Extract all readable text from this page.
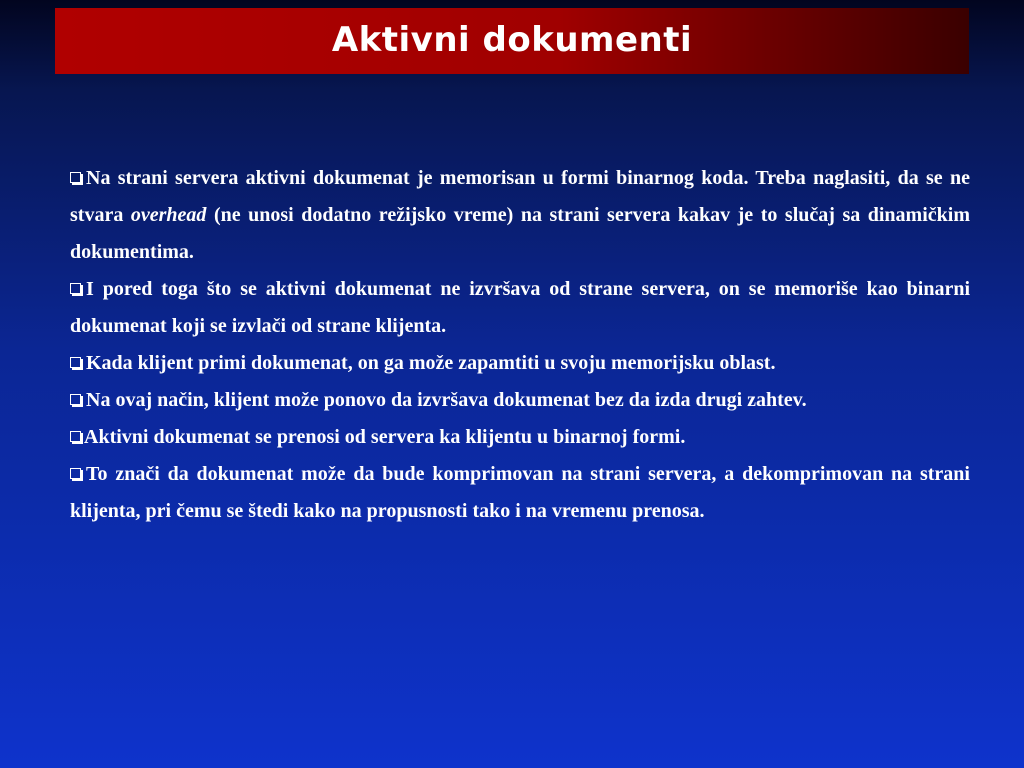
Aktivni dokumenti

Na strani servera aktivni dokumenat je memorisan u formi binarnog koda. Treba naglasiti, da se ne stvara overhead (ne unosi dodatno režijsko vreme) na strani servera kakav je to slučaj sa dinamičkim dokumentima.

I pored toga što se aktivni dokumenat ne izvršava od strane servera, on se memoriše kao binarni dokumenat koji se izvlači od strane klijenta.

Kada klijent primi dokumenat, on ga može zapamtiti u svoju memorijsku oblast.

Na ovaj način, klijent može ponovo da izvršava dokumenat bez da izda drugi zahtev.

Aktivni dokumenat se prenosi od servera ka klijentu u binarnoj formi.

To znači da dokumenat može da bude komprimovan na strani servera, a dekomprimovan na strani klijenta, pri čemu se štedi kako na propusnosti tako i na vremenu prenosa.
